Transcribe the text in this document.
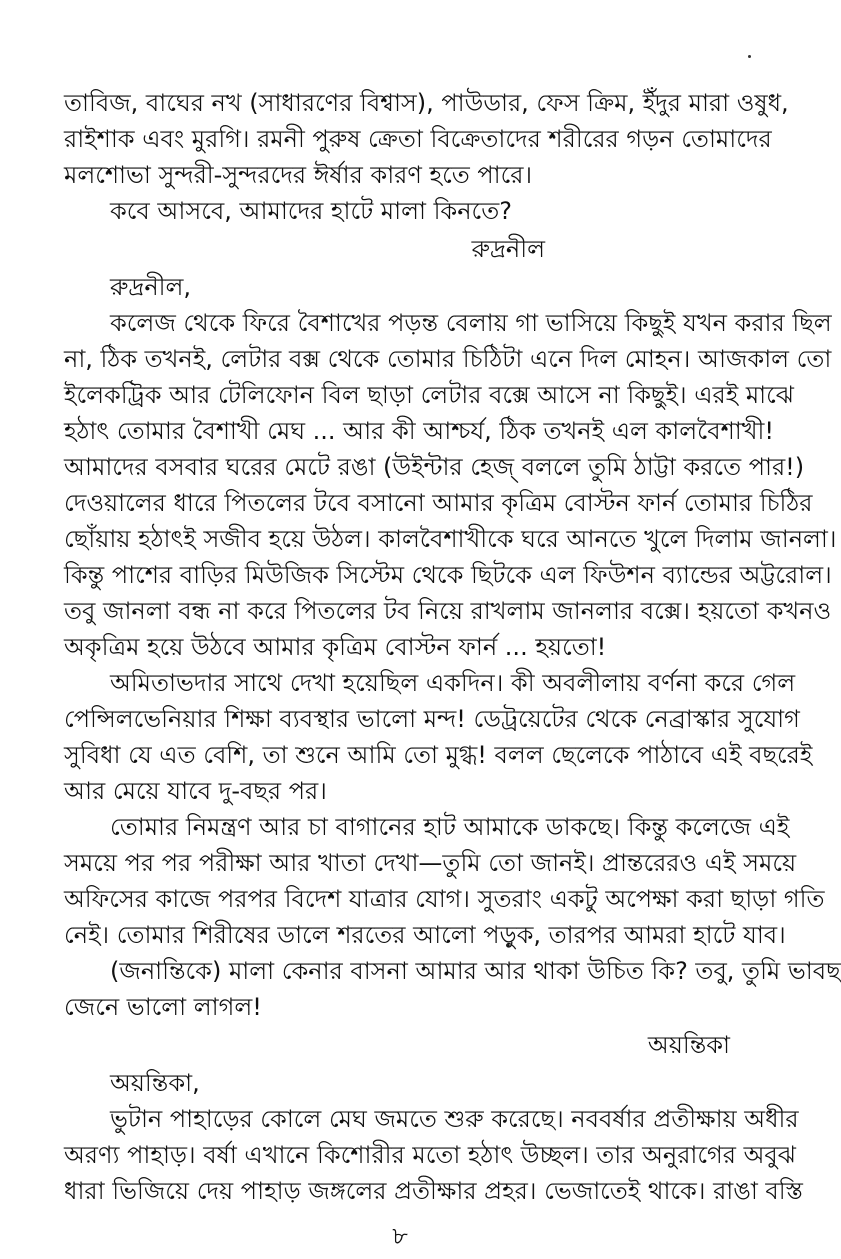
তাবিজ, বাঘের নখ (সাধারণের বিশ্বাস), পাউডার, ফেস ক্রিম, ইঁদুর মারা ওষুধ,
রাইশাক এবং মুরগি। রমনী পুরুষ ক্রেতা বিক্রেতাদের শরীরের গড়ন তোমাদের
মলশোভা সুন্দরী-সুন্দরদের ঈর্ষার কারণ হতে পারে।
কবে আসবে, আমাদের হাটে মালা কিনতে?
রুদ্রনীল
রুদ্রনীল,
কলেজ থেকে ফিরে বৈশাখের পড়ন্ত বেলায় গা ভাসিয়ে কিছুই যখন করার ছিল
না, ঠিক তখনই, লেটার বক্স থেকে তোমার চিঠিটা এনে দিল মোহন। আজকাল তো
ইলেকট্রিক আর টেলিফোন বিল ছাড়া লেটার বক্সে আসে না কিছুই। এরই মাঝে
হঠাৎ তোমার বৈশাখী মেঘ ... আর কী আশ্চর্য, ঠিক তখনই এল কালবৈশাখী!
আমাদের বসবার ঘরের মেটে রঙা (উইন্টার হেজ্ বললে তুমি ঠাট্টা করতে পার!)
দেওয়ালের ধারে পিতলের টবে বসানো আমার কৃত্রিম বোস্টন ফার্ন তোমার চিঠির
ছোঁয়ায় হঠাৎই সজীব হয়ে উঠল। কালবৈশাখীকে ঘরে আনতে খুলে দিলাম জানলা।
কিন্তু পাশের বাড়ির মিউজিক সিস্টেম থেকে ছিটকে এল ফিউশন ব্যান্ডের অট্টরোল।
তবু জানলা বন্ধ না করে পিতলের টব নিয়ে রাখলাম জানলার বক্সে। হয়তো কখনও
অকৃত্রিম হয়ে উঠবে আমার কৃত্রিম বোস্টন ফার্ন ... হয়তো!
অমিতাভদার সাথে দেখা হয়েছিল একদিন। কী অবলীলায় বর্ণনা করে গেল
পেন্সিলভেনিয়ার শিক্ষা ব্যবস্থার ভালো মন্দ! ডেট্রয়েটের থেকে নেব্রাস্কার সুযোগ
সুবিধা যে এত বেশি, তা শুনে আমি তো মুগ্ধ! বলল ছেলেকে পাঠাবে এই বছরেই
আর মেয়ে যাবে দু-বছর পর।
তোমার নিমন্ত্রণ আর চা বাগানের হাট আমাকে ডাকছে। কিন্তু কলেজে এই
সময়ে পর পর পরীক্ষা আর খাতা দেখা—তুমি তো জানই। প্রান্তরেরও এই সময়ে
অফিসের কাজে পরপর বিদেশ যাত্রার যোগ। সুতরাং একটু অপেক্ষা করা ছাড়া গতি
নেই। তোমার শিরীষের ডালে শরতের আলো পড়ুক, তারপর আমরা হাটে যাব।
(জনান্তিকে) মালা কেনার বাসনা আমার আর থাকা উচিত কি? তবু, তুমি ভাবছ
জেনে ভালো লাগল!
অয়ন্তিকা
অয়ন্তিকা,
ভুটান পাহাড়ের কোলে মেঘ জমতে শুরু করেছে। নববর্ষার প্রতীক্ষায় অধীর
অরণ্য পাহাড়। বর্ষা এখানে কিশোরীর মতো হঠাৎ উচ্ছল। তার অনুরাগের অবুঝ
ধারা ভিজিয়ে দেয় পাহাড় জঙ্গলের প্রতীক্ষার প্রহর। ভেজাতেই থাকে। রাঙা বস্তি
৮
